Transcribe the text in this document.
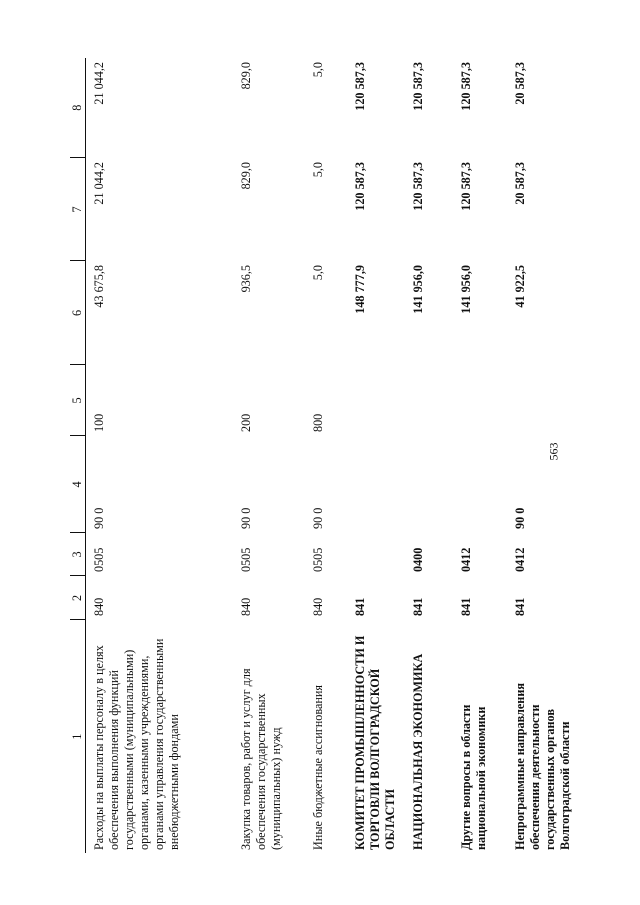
563
1	2	3	4	5	6	7	8
Расходы на выплаты персоналу в целях обеспечения выполнения функций государственными (муниципальными) органами, казенными учреждениями, органами управления государственными внебюджетными фондами	840	0505	90 0	100	43 675,8	21 044,2	21 044,2
Закупка товаров, работ и услуг для обеспечения государственных (муниципальных) нужд	840	0505	90 0	200	936,5	829,0	829,0
Иные бюджетные ассигнования	840	0505	90 0	800	5,0	5,0	5,0
КОМИТЕТ ПРОМЫШЛЕННОСТИ И ТОРГОВЛИ ВОЛГОГРАДСКОЙ ОБЛАСТИ	841				148 777,9	120 587,3	120 587,3
НАЦИОНАЛЬНАЯ ЭКОНОМИКА	841	0400			141 956,0	120 587,3	120 587,3
Другие вопросы в области национальной экономики	841	0412			141 956,0	120 587,3	120 587,3
Непрограммные направления обеспечения деятельности государственных органов Волгоградской области	841	0412	90 0		41 922,5	20 587,3	20 587,3
